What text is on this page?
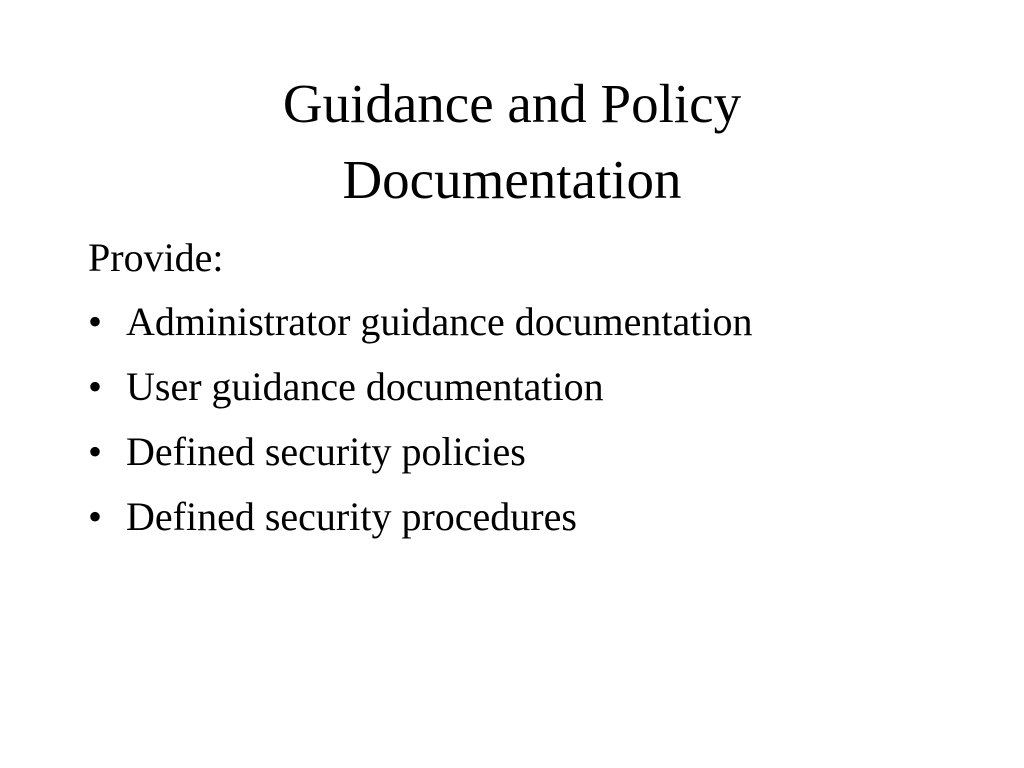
Guidance and Policy
Documentation

Provide:

• Administrator guidance documentation
• User guidance documentation
• Defined security policies
• Defined security procedures
